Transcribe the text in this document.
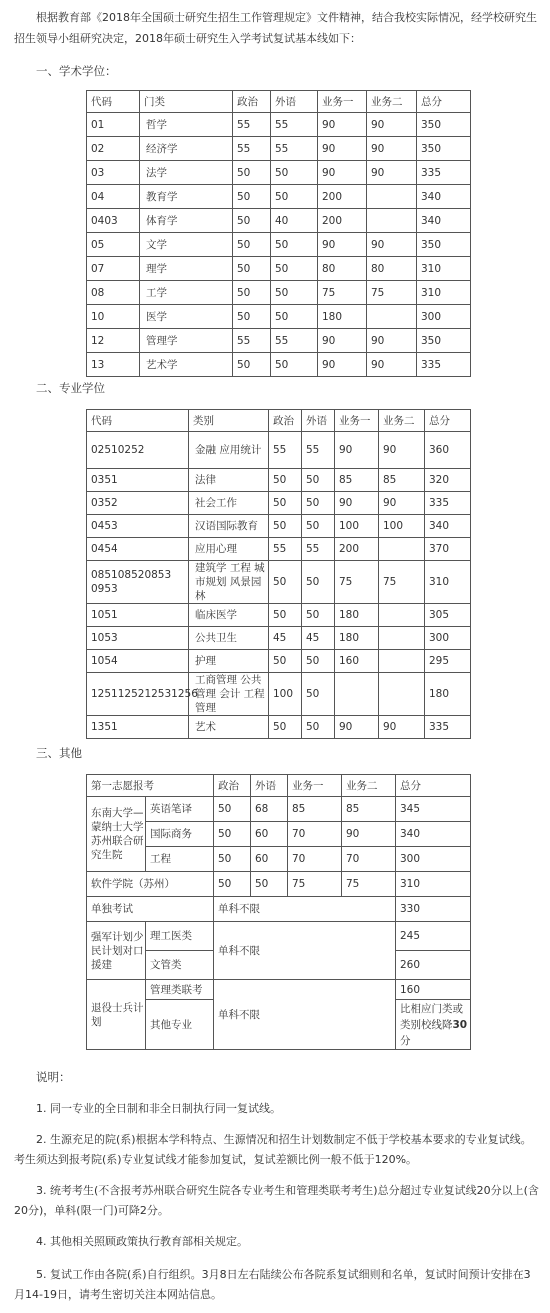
根据教育部《2018年全国硕士研究生招生工作管理规定》文件精神，结合我校实际情况，经学校研究生招生领导小组研究决定，2018年硕士研究生入学考试复试基本线如下：
一、学术学位：
代码	门类	政治	外语	业务一	业务二	总分
01	哲学	55	55	90	90	350
02	经济学	55	55	90	90	350
03	法学	50	50	90	90	335
04	教育学	50	50	200		340
0403	体育学	50	40	200		340
05	文学	50	50	90	90	350
07	理学	50	50	80	80	310
08	工学	50	50	75	75	310
10	医学	50	50	180		300
12	管理学	55	55	90	90	350
13	艺术学	50	50	90	90	335
二、专业学位
代码	类别	政治	外语	业务一	业务二	总分
02510252	金融 应用统计	55	55	90	90	360
0351	法律	50	50	85	85	320
0352	社会工作	50	50	90	90	335
0453	汉语国际教育	50	50	100	100	340
0454	应用心理	55	55	200		370
085108520853 0953	建筑学 工程 城市规划 风景园林	50	50	75	75	310
1051	临床医学	50	50	180		305
1053	公共卫生	45	45	180		300
1054	护理	50	50	160		295
1251125212531256	工商管理 公共管理 会计 工程管理	100	50			180
1351	艺术	50	50	90	90	335
三、其他
第一志愿报考		政治	外语	业务一	业务二	总分
东南大学—蒙纳士大学苏州联合研究生院	英语笔译	50	68	85	85	345
	国际商务	50	60	70	90	340
	工程	50	60	70	70	300
软件学院（苏州）		50	50	75	75	310
单独考试		单科不限				330
强军计划少民计划对口援建	理工医类	单科不限				245
	文管类					260
退役士兵计划	管理类联考	单科不限				160
	其他专业					比相应门类或类别校线降30分
说明：
1. 同一专业的全日制和非全日制执行同一复试线。
2. 生源充足的院(系)根据本学科特点、生源情况和招生计划数制定不低于学校基本要求的专业复试线。考生须达到报考院(系)专业复试线才能参加复试，复试差额比例一般不低于120%。
3. 统考考生(不含报考苏州联合研究生院各专业考生和管理类联考考生)总分超过专业复试线20分以上(含20分)，单科(限一门)可降2分。
4. 其他相关照顾政策执行教育部相关规定。
5. 复试工作由各院(系)自行组织。3月8日左右陆续公布各院系复试细则和名单，复试时间预计安排在3月14-19日，请考生密切关注本网站信息。
